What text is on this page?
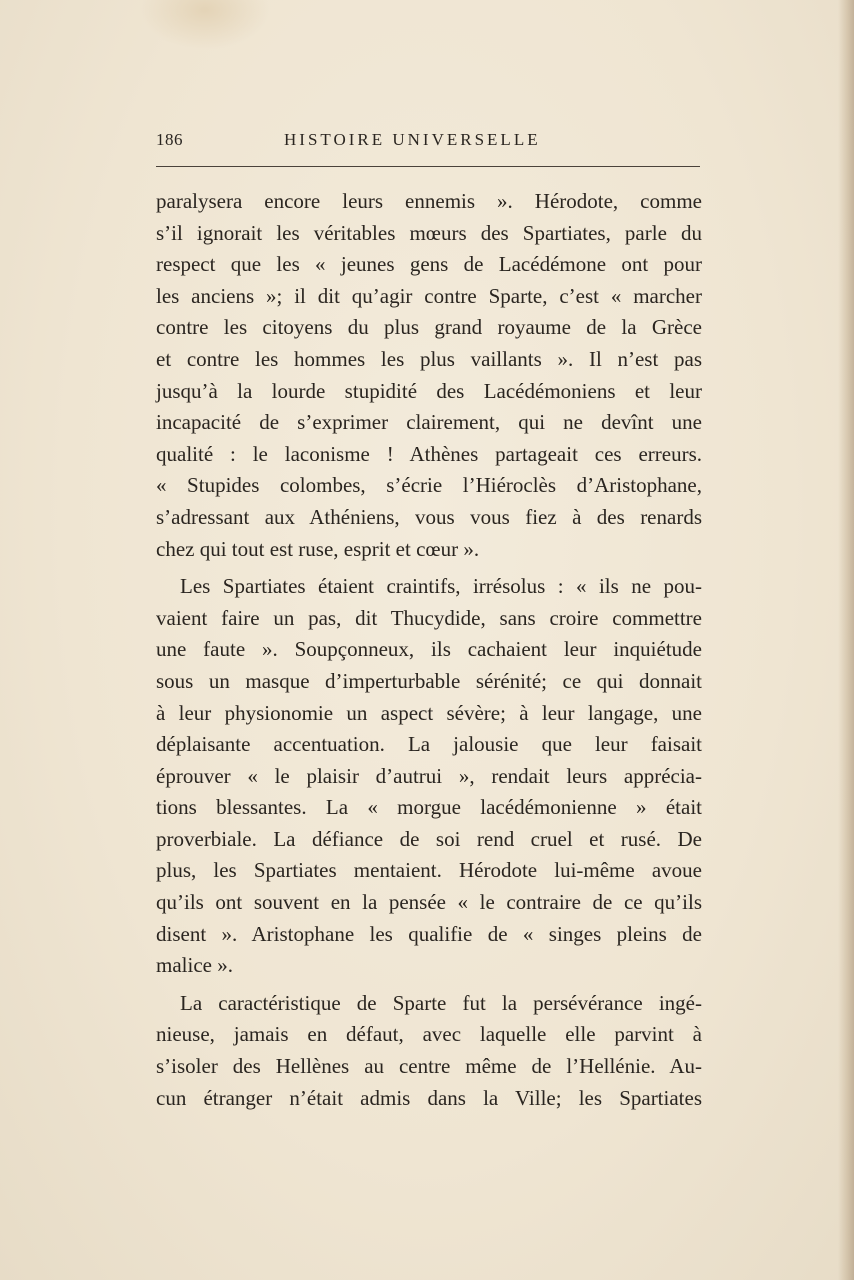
186	HISTOIRE UNIVERSELLE
paralysera encore leurs ennemis ». Hérodote, comme
s’il ignorait les véritables mœurs des Spartiates, parle du
respect que les « jeunes gens de Lacédémone ont pour
les anciens »; il dit qu’agir contre Sparte, c’est « marcher
contre les citoyens du plus grand royaume de la Grèce
et contre les hommes les plus vaillants ». Il n’est pas
jusqu’à la lourde stupidité des Lacédémoniens et leur
incapacité de s’exprimer clairement, qui ne devînt une
qualité : le laconisme ! Athènes partageait ces erreurs.
« Stupides colombes, s’écrie l’Hiéroclès d’Aristophane,
s’adressant aux Athéniens, vous vous fiez à des renards
chez qui tout est ruse, esprit et cœur ».
Les Spartiates étaient craintifs, irrésolus : « ils ne pou-
vaient faire un pas, dit Thucydide, sans croire commettre
une faute ». Soupçonneux, ils cachaient leur inquiétude
sous un masque d’imperturbable sérénité; ce qui donnait
à leur physionomie un aspect sévère; à leur langage, une
déplaisante accentuation. La jalousie que leur faisait
éprouver « le plaisir d’autrui », rendait leurs apprécia-
tions blessantes. La « morgue lacédémonienne » était
proverbiale. La défiance de soi rend cruel et rusé. De
plus, les Spartiates mentaient. Hérodote lui-même avoue
qu’ils ont souvent en la pensée « le contraire de ce qu’ils
disent ». Aristophane les qualifie de « singes pleins de
malice ».
La caractéristique de Sparte fut la persévérance ingé-
nieuse, jamais en défaut, avec laquelle elle parvint à
s’isoler des Hellènes au centre même de l’Hellénie. Au-
cun étranger n’était admis dans la Ville; les Spartiates
